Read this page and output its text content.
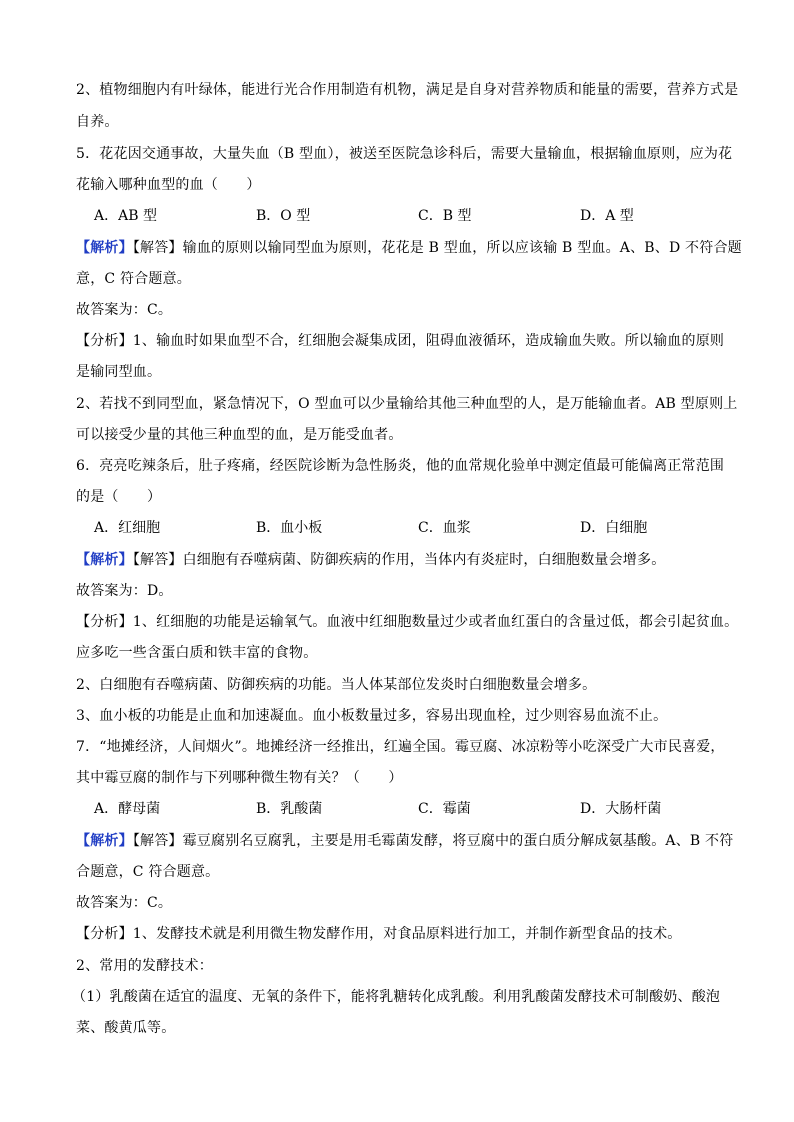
2、植物细胞内有叶绿体，能进行光合作用制造有机物，满足是自身对营养物质和能量的需要，营养方式是
自养。
5．花花因交通事故，大量失血（B 型血），被送至医院急诊科后，需要大量输血，根据输血原则，应为花
花输入哪种血型的血（　　）
A．AB 型	B．O 型	C．B 型	D．A 型
【解析】【解答】输血的原则以输同型血为原则，花花是 B 型血，所以应该输 B 型血。A、B、D 不符合题
意，C 符合题意。
故答案为：C。
【分析】1、输血时如果血型不合，红细胞会凝集成团，阻碍血液循环，造成输血失败。所以输血的原则
是输同型血。
2、若找不到同型血，紧急情况下，O 型血可以少量输给其他三种血型的人，是万能输血者。AB 型原则上
可以接受少量的其他三种血型的血，是万能受血者。
6．亮亮吃辣条后，肚子疼痛，经医院诊断为急性肠炎，他的血常规化验单中测定值最可能偏离正常范围
的是（　　）
A．红细胞	B．血小板	C．血浆	D．白细胞
【解析】【解答】白细胞有吞噬病菌、防御疾病的作用，当体内有炎症时，白细胞数量会增多。
故答案为：D。
【分析】1、红细胞的功能是运输氧气。血液中红细胞数量过少或者血红蛋白的含量过低，都会引起贫血。
应多吃一些含蛋白质和铁丰富的食物。
2、白细胞有吞噬病菌、防御疾病的功能。当人体某部位发炎时白细胞数量会增多。
3、血小板的功能是止血和加速凝血。血小板数量过多，容易出现血栓，过少则容易血流不止。
7．“地摊经济，人间烟火”。地摊经济一经推出，红遍全国。霉豆腐、冰凉粉等小吃深受广大市民喜爱，
其中霉豆腐的制作与下列哪种微生物有关？（　　）
A．酵母菌	B．乳酸菌	C．霉菌	D．大肠杆菌
【解析】【解答】霉豆腐别名豆腐乳，主要是用毛霉菌发酵，将豆腐中的蛋白质分解成氨基酸。A、B 不符
合题意，C 符合题意。
故答案为：C。
【分析】1、发酵技术就是利用微生物发酵作用，对食品原料进行加工，并制作新型食品的技术。
2、常用的发酵技术：
（1）乳酸菌在适宜的温度、无氧的条件下，能将乳糖转化成乳酸。利用乳酸菌发酵技术可制酸奶、酸泡
菜、酸黄瓜等。
